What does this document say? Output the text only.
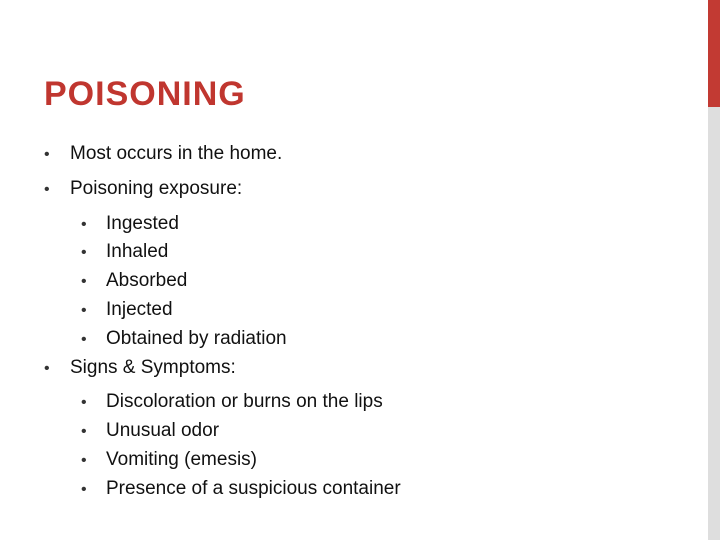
POISONING
•	Most occurs in the home.
•	Poisoning exposure:
•	Ingested
•	Inhaled
•	Absorbed
•	Injected
•	Obtained by radiation
•	Signs & Symptoms:
•	Discoloration or burns on the lips
•	Unusual odor
•	Vomiting (emesis)
•	Presence of a suspicious container
